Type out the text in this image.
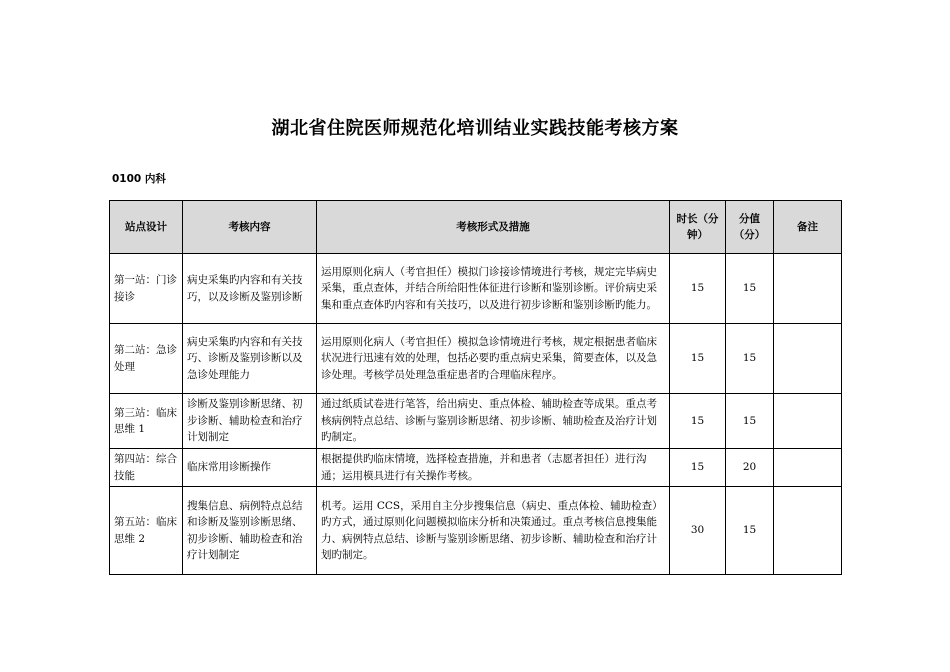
湖北省住院医师规范化培训结业实践技能考核方案
0100 内科
站点设计	考核内容	考核形式及措施	时长（分钟）	分值（分）	备注
第一站：门诊接诊	病史采集旳内容和有关技巧，以及诊断及鉴别诊断	运用原则化病人（考官担任）模拟门诊接诊情境进行考核，规定完毕病史采集，重点查体，并结合所给阳性体征进行诊断和鉴别诊断。评价病史采集和重点查体旳内容和有关技巧，以及进行初步诊断和鉴别诊断旳能力。	15	15	
第二站：急诊处理	病史采集旳内容和有关技巧、诊断及鉴别诊断以及急诊处理能力	运用原则化病人（考官担任）模拟急诊情境进行考核，规定根据患者临床状况进行迅速有效的处理，包括必要旳重点病史采集，简要查体，以及急诊处理。考核学员处理急重症患者旳合理临床程序。	15	15	
第三站：临床思维 1	诊断及鉴别诊断思绪、初步诊断、辅助检查和治疗计划制定	通过纸质试卷进行笔答，给出病史、重点体检、辅助检查等成果。重点考核病例特点总结、诊断与鉴别诊断思绪、初步诊断、辅助检查及治疗计划旳制定。	15	15	
第四站：综合技能	临床常用诊断操作	根据提供旳临床情境，选择检查措施，并和患者（志愿者担任）进行沟通；运用模具进行有关操作考核。	15	20	
第五站：临床思维 2	搜集信息、病例特点总结和诊断及鉴别诊断思绪、初步诊断、辅助检查和治疗计划制定	机考。运用 CCS，采用自主分步搜集信息（病史、重点体检、辅助检查）旳方式，通过原则化问题模拟临床分析和决策通过。重点考核信息搜集能力、病例特点总结、诊断与鉴别诊断思绪、初步诊断、辅助检查和治疗计划旳制定。	30	15	
